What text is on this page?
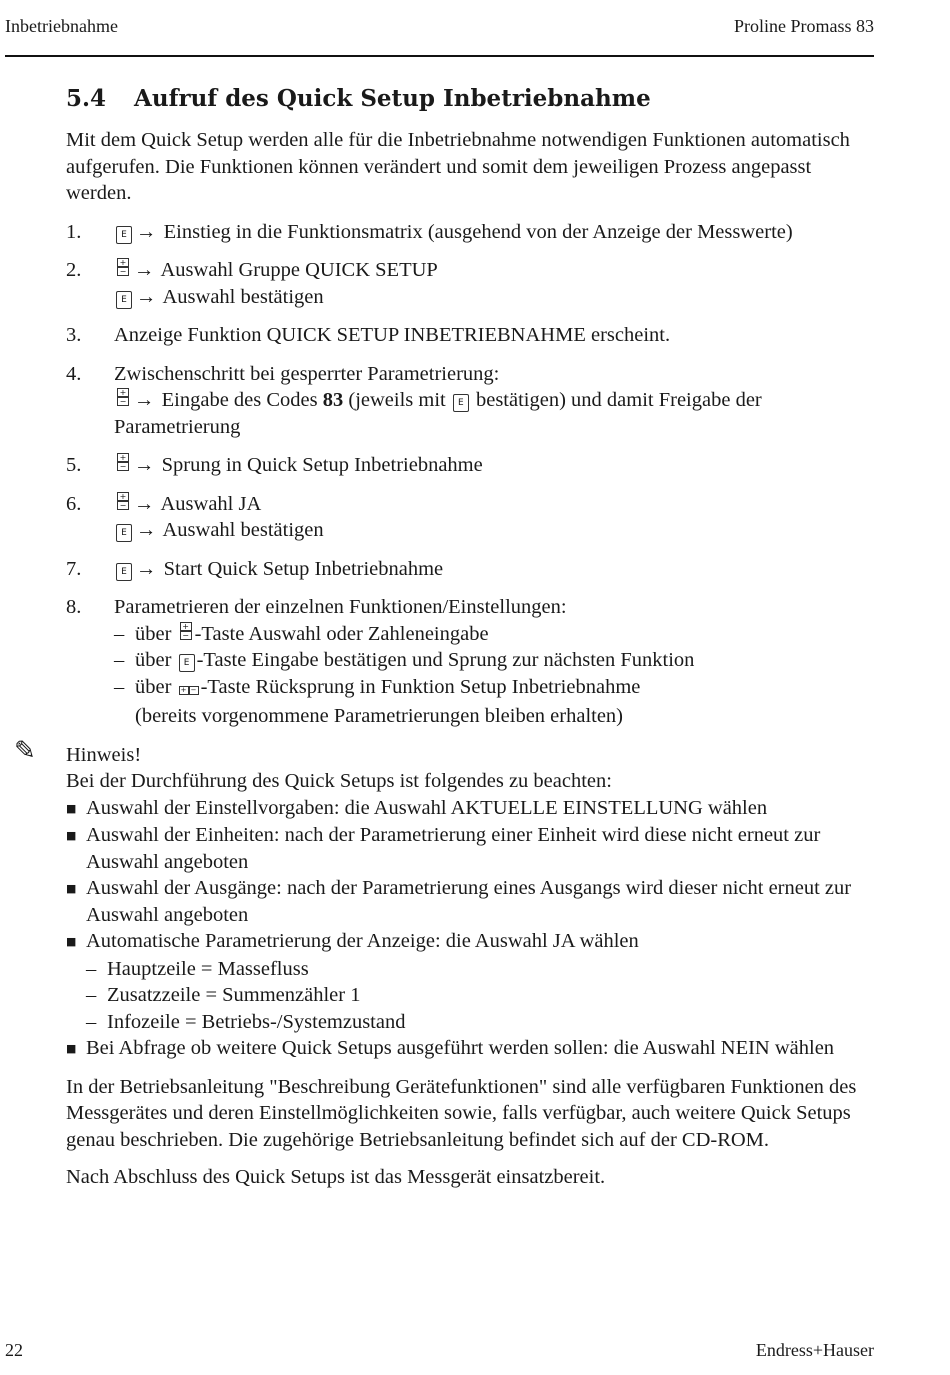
Inbetriebnahme	Proline Promass 83
5.4 Aufruf des Quick Setup Inbetriebnahme

Mit dem Quick Setup werden alle für die Inbetriebnahme notwendigen Funktionen automatisch aufgerufen. Die Funktionen können verändert und somit dem jeweiligen Prozess angepasst werden.

1.	E → Einstieg in die Funktionsmatrix (ausgehend von der Anzeige der Messwerte)
2.	+
− → Auswahl Gruppe QUICK SETUP
E → Auswahl bestätigen
3.	Anzeige Funktion QUICK SETUP INBETRIEBNAHME erscheint.
4.	Zwischenschritt bei gesperrter Parametrierung:
+
− → Eingabe des Codes 83 (jeweils mit E bestätigen) und damit Freigabe der
Parametrierung
5.	+
− → Sprung in Quick Setup Inbetriebnahme
6.	+
− → Auswahl JA
E → Auswahl bestätigen
7.	E → Start Quick Setup Inbetriebnahme
8.	Parametrieren der einzelnen Funktionen/Einstellungen:
– über +
− -Taste Auswahl oder Zahleneingabe
– über E -Taste Eingabe bestätigen und Sprung zur nächsten Funktion
– über + − -Taste Rücksprung in Funktion Setup Inbetriebnahme
(bereits vorgenommene Parametrierungen bleiben erhalten)
✎ Hinweis!

Bei der Durchführung des Quick Setups ist folgendes zu beachten:

■ Auswahl der Einstellvorgaben: die Auswahl AKTUELLE EINSTELLUNG wählen
■ Auswahl der Einheiten: nach der Parametrierung einer Einheit wird diese nicht erneut zur Auswahl angeboten
■ Auswahl der Ausgänge: nach der Parametrierung eines Ausgangs wird dieser nicht erneut zur Auswahl angeboten
■ Automatische Parametrierung der Anzeige: die Auswahl JA wählen
– Hauptzeile = Massefluss
– Zusatzzeile = Summenzähler 1
– Infozeile = Betriebs-/Systemzustand
■ Bei Abfrage ob weitere Quick Setups ausgeführt werden sollen: die Auswahl NEIN wählen

In der Betriebsanleitung "Beschreibung Gerätefunktionen" sind alle verfügbaren Funktionen des Messgerätes und deren Einstellmöglichkeiten sowie, falls verfügbar, auch weitere Quick Setups genau beschrieben. Die zugehörige Betriebsanleitung befindet sich auf der CD-ROM.

Nach Abschluss des Quick Setups ist das Messgerät einsatzbereit.

22	Endress+Hauser
